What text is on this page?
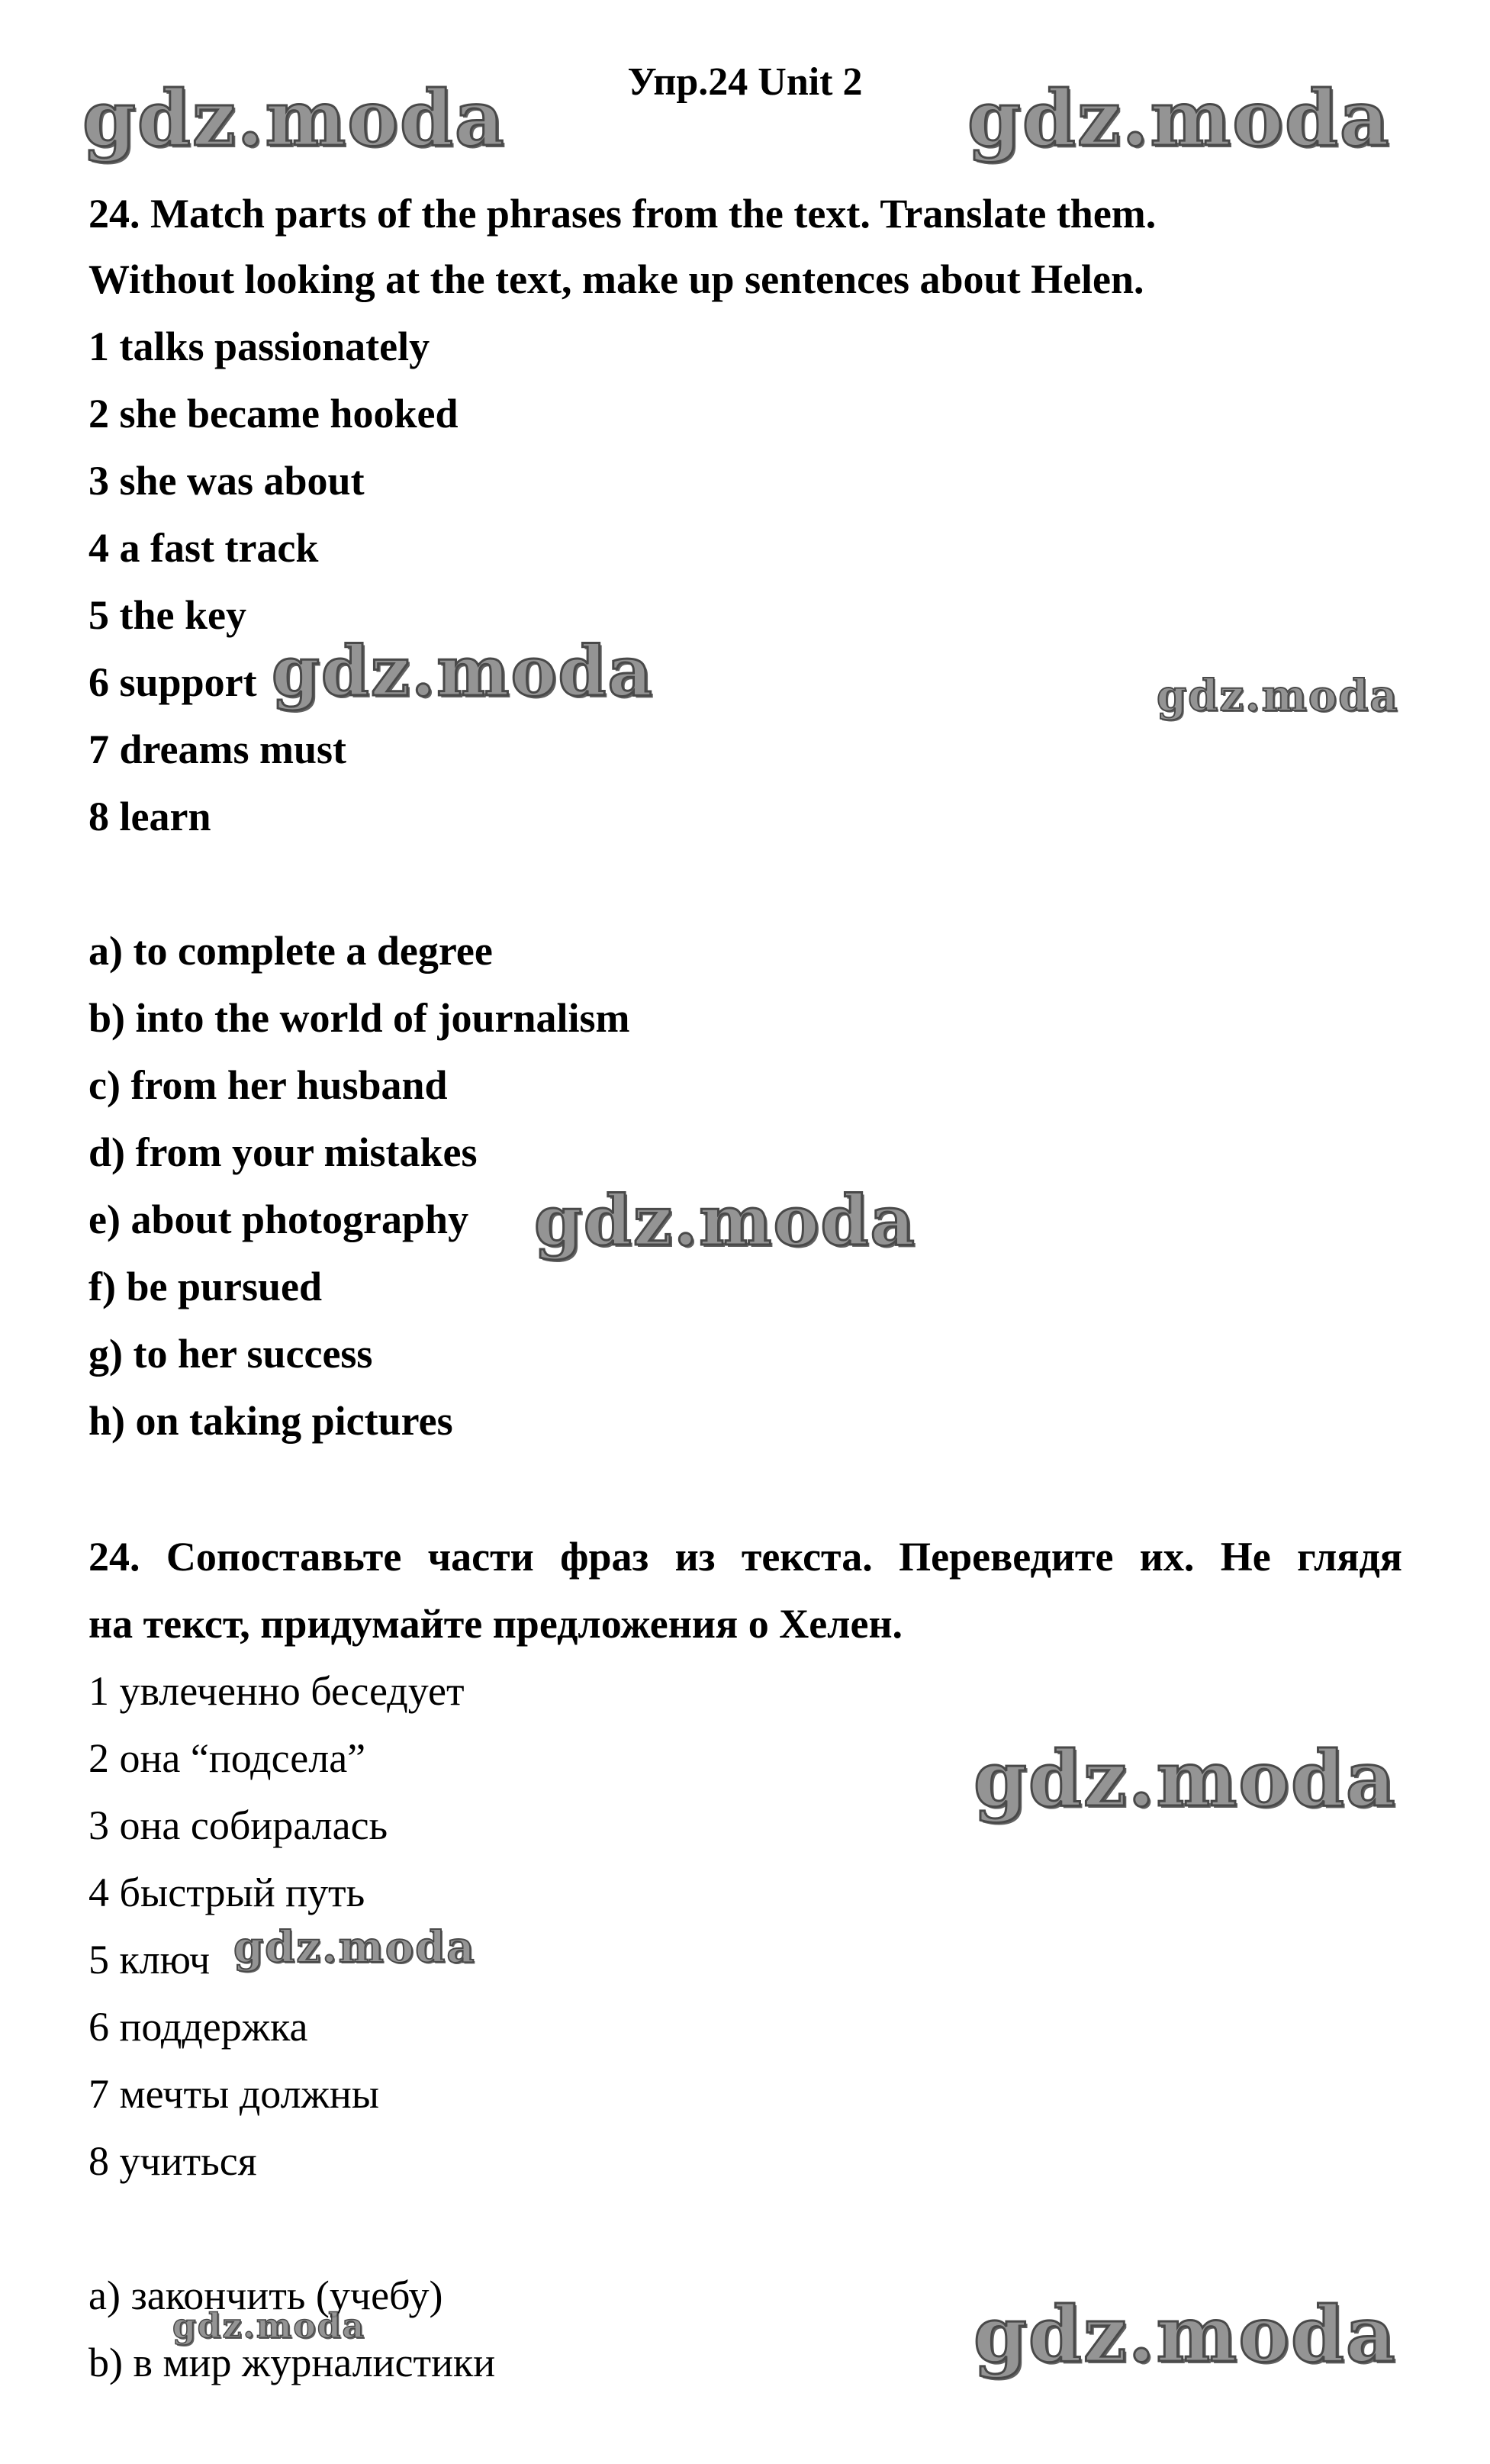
Упр.24 Unit 2
24. Match parts of the phrases from the text. Translate them.
Without looking at the text, make up sentences about Helen.
1 talks passionately
2 she became hooked
3 she was about
4 a fast track
5 the key
6 support
7 dreams must
8 learn
a) to complete a degree
b) into the world of journalism
c) from her husband
d) from your mistakes
e) about photography
f) be pursued
g) to her success
h) on taking pictures
24. Сопоставьте части фраз из текста. Переведите их. Не глядя
на текст, придумайте предложения о Хелен.
1 увлеченно беседует
2 она “подсела”
3 она собиралась
4 быстрый путь
5 ключ
6 поддержка
7 мечты должны
8 учиться
a) закончить (учебу)
b) в мир журналистики
gdz.moda	gdz.moda
gdz.moda	gdz.moda
gdz.moda
gdz.moda
gdz.moda
gdz.moda
gdz.moda
